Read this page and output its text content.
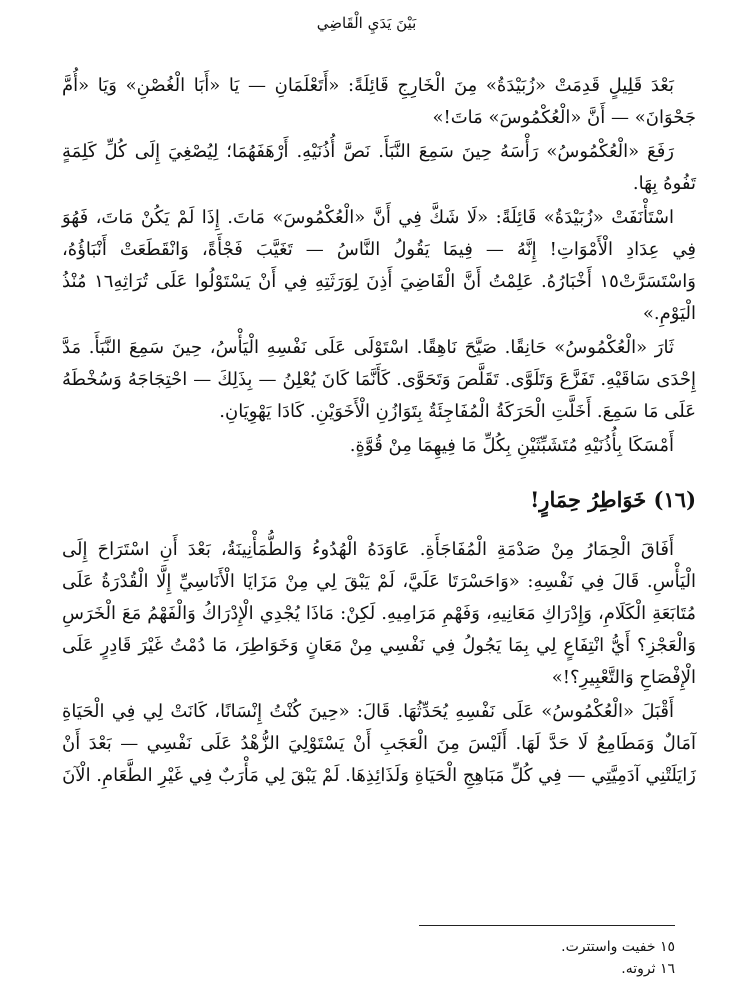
بَيْنَ يَدَيِ الْقَاضِي

بَعْدَ قَلِيلٍ قَدِمَتْ «زُبَيْدَةُ» مِنَ الْخَارِجِ قَائِلَةً: «أَتَعْلَمَانِ — يَا «أَبَا الْغُصْنِ» وَيَا «أُمَّ جَحْوَانَ» — أَنَّ «الْعُكْمُوسَ» مَاتَ!»

رَفَعَ «الْعُكْمُوسُ» رَأْسَهُ حِينَ سَمِعَ النَّبَأَ. نَصَّ أُذُنَيْهِ. أَرْهَفَهُمَا؛ لِيُصْغِيَ إِلَى كُلِّ كَلِمَةٍ تَفُوهُ بِهَا.

اسْتَأْنَفَتْ «زُبَيْدَةُ» قَائِلَةً: «لَا شَكَّ فِي أَنَّ «الْعُكْمُوسَ» مَاتَ. إِذَا لَمْ يَكُنْ مَاتَ، فَهُوَ فِي عِدَادِ الْأَمْوَاتِ! إِنَّهُ — فِيمَا يَقُولُ النَّاسُ — تَغَيَّبَ فَجْأَةً، وَانْقَطَعَتْ أَنْبَاؤُهُ، وَاسْتَسَرَّتْ١٥ أَخْبَارُهُ. عَلِمْتُ أَنَّ الْقَاضِيَ أَذِنَ لِوَرَثَتِهِ فِي أَنْ يَسْتَوْلُوا عَلَى تُرَاثِهِ١٦ مُنْذُ الْيَوْمِ.»

ثَارَ «الْعُكْمُوسُ» حَانِقًا. صَيَّحَ نَاهِقًا. اسْتَوْلَى عَلَى نَفْسِهِ الْيَأْسُ، حِينَ سَمِعَ النَّبَأَ. مَدَّ إِحْدَى سَاقَيْهِ. تَفَزَّعَ وَتَلَوَّى. تَقَلَّصَ وَتَحَوَّى. كَأَنَّمَا كَانَ يُعْلِنُ — بِذَلِكَ — احْتِجَاجَهُ وَسُخْطَهُ عَلَى مَا سَمِعَ. أَخَلَّتِ الْحَرَكَةُ الْمُفَاجِئَةُ بِتَوَازُنِ الْأَخَوَيْنِ. كَادَا يَهْوِيَانِ.

أَمْسَكَا بِأُذُنَيْهِ مُتَشَبِّثَيْنِ بِكُلِّ مَا فِيهِمَا مِنْ قُوَّةٍ.

(١٦) خَوَاطِرُ حِمَارٍ!

أَفَاقَ الْحِمَارُ مِنْ صَدْمَةِ الْمُفَاجَأَةِ. عَاوَدَهُ الْهُدُوءُ وَالطُّمَأْنِينَةُ، بَعْدَ أَنِ اسْتَرَاحَ إِلَى الْيَأْسِ. قَالَ فِي نَفْسِهِ: «وَاحَسْرَتَا عَلَيَّ، لَمْ يَبْقَ لِي مِنْ مَزَايَا الْأَنَاسِيِّ إِلَّا الْقُدْرَةُ عَلَى مُتَابَعَةِ الْكَلَامِ، وَإِدْرَاكِ مَعَانِيهِ، وَفَهْمِ مَرَامِيهِ. لَكِنْ: مَاذَا يُجْدِي الْإِدْرَاكُ وَالْفَهْمُ مَعَ الْخَرَسِ وَالْعَجْزِ؟ أَيُّ انْتِفَاعٍ لِي بِمَا يَجُولُ فِي نَفْسِي مِنْ مَعَانٍ وَخَوَاطِرَ، مَا دُمْتُ غَيْرَ قَادِرٍ عَلَى الْإِفْصَاحِ وَالتَّعْبِيرِ؟!»

أَقْبَلَ «الْعُكْمُوسُ» عَلَى نَفْسِهِ يُحَدِّثُهَا. قَالَ: «حِينَ كُنْتُ إِنْسَانًا، كَانَتْ لِي فِي الْحَيَاةِ آمَالٌ وَمَطَامِعُ لَا حَدَّ لَهَا. أَلَيْسَ مِنَ الْعَجَبِ أَنْ يَسْتَوْلِيَ الزُّهْدُ عَلَى نَفْسِي — بَعْدَ أَنْ زَايَلَتْنِي آدَمِيَّتِي — فِي كُلِّ مَبَاهِجِ الْحَيَاةِ وَلَذَائِذِهَا. لَمْ يَبْقَ لِي مَأْرَبٌ فِي غَيْرِ الطَّعَامِ. الْآنَ

١٥ خفيت واستترت.
١٦ ثروته.
